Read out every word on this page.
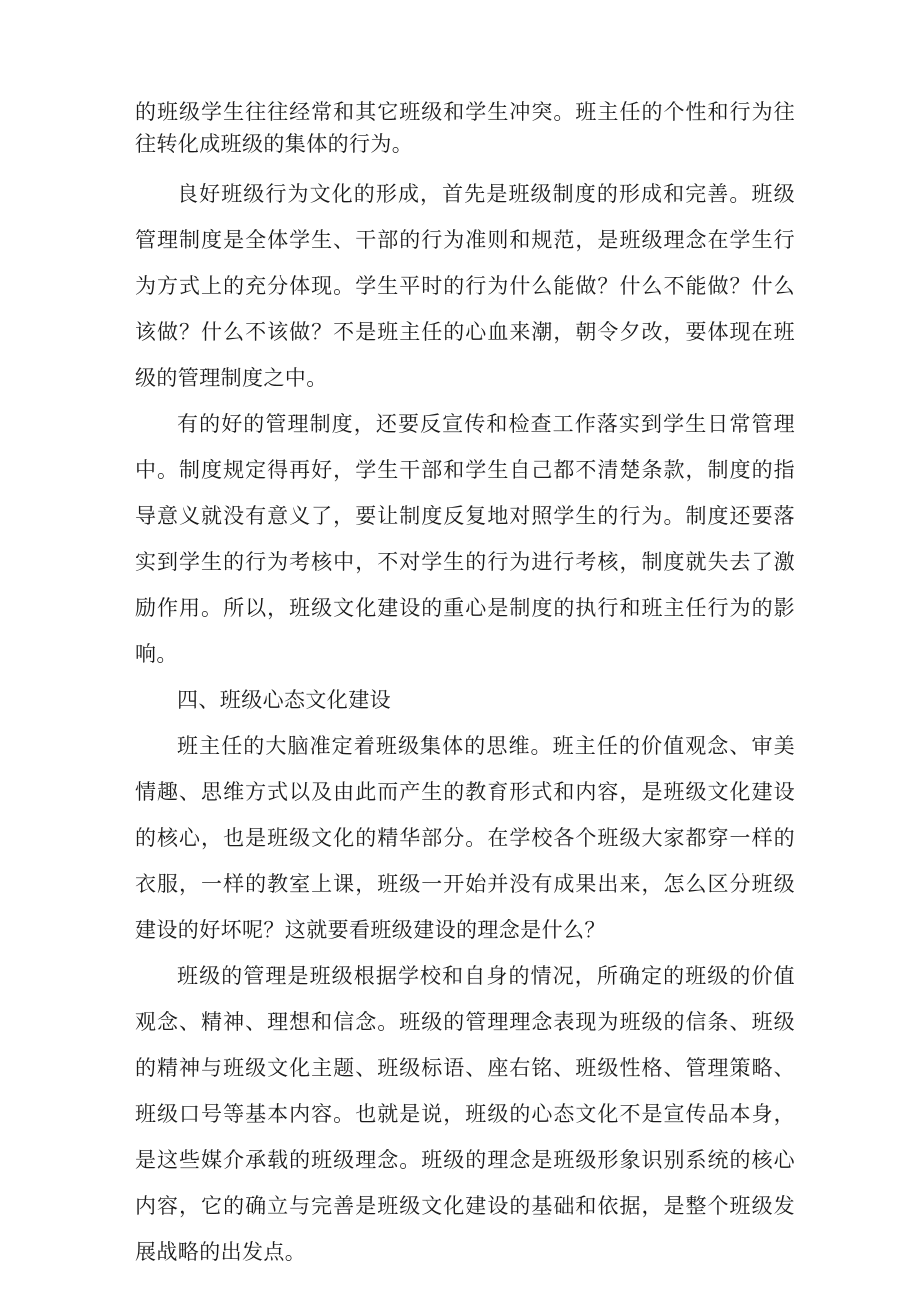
的班级学生往往经常和其它班级和学生冲突。班主任的个性和行为往往转化成班级的集体的行为。

良好班级行为文化的形成，首先是班级制度的形成和完善。班级管理制度是全体学生、干部的行为准则和规范，是班级理念在学生行为方式上的充分体现。学生平时的行为什么能做？什么不能做？什么该做？什么不该做？不是班主任的心血来潮，朝令夕改，要体现在班级的管理制度之中。

有的好的管理制度，还要反宣传和检查工作落实到学生日常管理中。制度规定得再好，学生干部和学生自己都不清楚条款，制度的指导意义就没有意义了，要让制度反复地对照学生的行为。制度还要落实到学生的行为考核中，不对学生的行为进行考核，制度就失去了激励作用。所以，班级文化建设的重心是制度的执行和班主任行为的影响。

四、班级心态文化建设

班主任的大脑准定着班级集体的思维。班主任的价值观念、审美情趣、思维方式以及由此而产生的教育形式和内容，是班级文化建设的核心，也是班级文化的精华部分。在学校各个班级大家都穿一样的衣服，一样的教室上课，班级一开始并没有成果出来，怎么区分班级建设的好坏呢？这就要看班级建设的理念是什么？

班级的管理是班级根据学校和自身的情况，所确定的班级的价值观念、精神、理想和信念。班级的管理理念表现为班级的信条、班级的精神与班级文化主题、班级标语、座右铭、班级性格、管理策略、班级口号等基本内容。也就是说，班级的心态文化不是宣传品本身，是这些媒介承载的班级理念。班级的理念是班级形象识别系统的核心内容，它的确立与完善是班级文化建设的基础和依据，是整个班级发展战略的出发点。
